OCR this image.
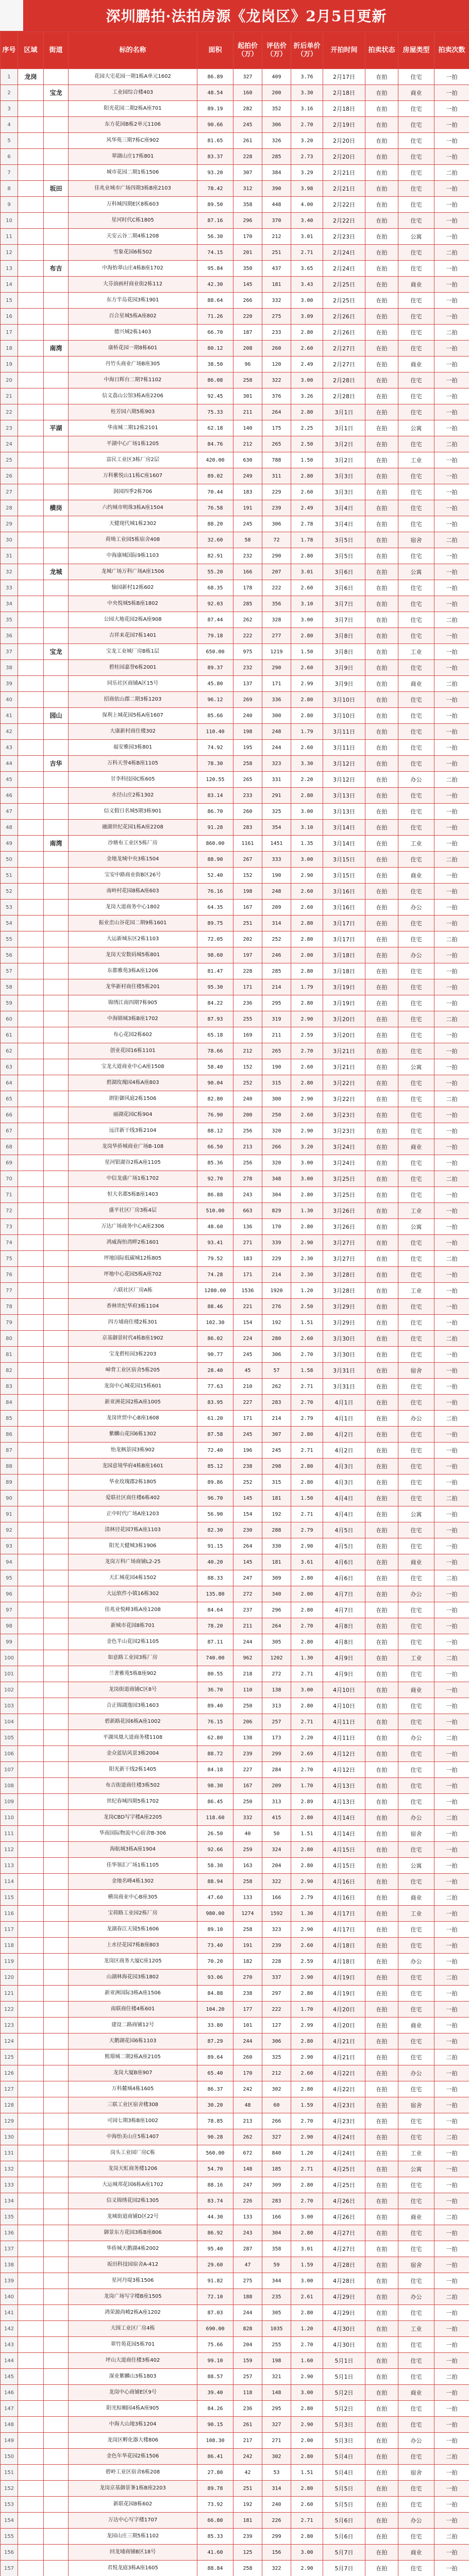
深圳鹏拍·法拍房源《龙岗区》2月5日更新
序号	区域	街道	标的名称	面积	起拍价（万）	评估价（万）	折后单价（万）	开拍时间	拍卖状态	房屋类型	拍卖次数
1	龙岗		花园大宅花园一期1栋A单元1602	86.89	327	409	3.76	2月17日	在拍	住宅	一拍
2		宝龙	工业园综合楼403	48.54	160	200	3.30	2月18日	在拍	商业	一拍
3			阳光花园二期2栋A座701	89.19	282	352	3.16	2月18日	在拍	住宅	一拍
4			东方花园B栋2单元1106	90.66	245	306	2.70	2月19日	在拍	住宅	一拍
5			风华苑三期7栋C座902	81.65	261	326	3.20	2月20日	在拍	住宅	一拍
6			翠湖山庄17栋801	83.37	228	285	2.73	2月20日	在拍	住宅	一拍
7			城市花园二期1栋1506	93.20	307	384	3.29	2月21日	在拍	住宅	二拍
8		坂田	佳兆业城市广场四期3栋B座2103	78.42	312	390	3.98	2月21日	在拍	住宅	一拍
9			万科城四期E区8栋603	89.50	358	448	4.00	2月22日	在拍	住宅	一拍
10			星河时代C栋1805	87.16	296	370	3.40	2月22日	在拍	住宅	一拍
11			天安云谷二期4栋1208	56.30	170	212	3.01	2月23日	在拍	公寓	一拍
12			雪象花园6栋502	74.15	201	251	2.71	2月24日	在拍	住宅	二拍
13		布吉	中海怡翠山庄4栋B座1702	95.84	350	437	3.65	2月24日	在拍	住宅	一拍
14			大芬油画村商业街2栋112	42.30	145	181	3.43	2月25日	在拍	商业	一拍
15			东方半岛花园3栋1901	88.64	266	332	3.00	2月25日	在拍	住宅	一拍
16			百合星城5栋A座802	71.26	220	275	3.09	2月26日	在拍	住宅	一拍
17			德兴城2栋1403	66.70	187	233	2.80	2月26日	在拍	住宅	二拍
18		南湾	康桥花园一期8栋601	80.12	208	260	2.60	2月27日	在拍	住宅	一拍
19			丹竹头商业广场B座305	38.50	96	120	2.49	2月27日	在拍	商业	一拍
20			中海日辉台二期7栋1102	86.08	258	322	3.00	2月28日	在拍	住宅	一拍
21			信义荔山公馆3栋A座2206	92.45	301	376	3.26	2月28日	在拍	住宅	一拍
22			桂芳园六期5栋903	75.33	211	264	2.80	3月1日	在拍	住宅	一拍
23		平湖	华南城二期12栋2101	62.18	140	175	2.25	3月1日	在拍	公寓	一拍
24			平湖中心广场1栋1205	84.76	212	265	2.50	3月2日	在拍	住宅	二拍
25			富民工业区3栋厂房2层	420.00	630	788	1.50	3月2日	在拍	工业	一拍
26			万科紫悦山11栋C座1607	89.02	249	311	2.80	3月3日	在拍	住宅	一拍
27			润园四季2栋706	70.44	183	229	2.60	3月3日	在拍	住宅	一拍
28		横岗	六约城市明珠3栋A座1504	76.58	191	239	2.49	3月4日	在拍	住宅	一拍
29			天健现代城1栋2302	88.20	245	306	2.78	3月4日	在拍	住宅	一拍
30			荷坳工业园5栋宿舍408	32.60	58	72	1.78	3月5日	在拍	宿舍	二拍
31			中海康城国际9栋1103	82.91	232	290	2.80	3月5日	在拍	住宅	一拍
32		龙城	龙城广场万科广场A座1506	55.20	166	207	3.01	3月6日	在拍	公寓	一拍
33			愉园新村12栋602	68.35	178	222	2.60	3月6日	在拍	住宅	一拍
34			中央悦城5栋B座1802	92.03	285	356	3.10	3月7日	在拍	住宅	一拍
35			公园大地花园2栋A座908	87.44	262	328	3.00	3月7日	在拍	住宅	二拍
36			吉祥来花园7栋1401	79.18	222	277	2.80	3月8日	在拍	住宅	一拍
37		宝龙	宝龙工业城厂房B栋1层	650.00	975	1219	1.50	3月8日	在拍	工业	一拍
38			碧桂园嘉誉6栋2001	89.37	232	290	2.60	3月9日	在拍	住宅	一拍
39			同乐社区商铺A区15号	45.80	137	171	2.99	3月9日	在拍	商业	二拍
40			招商依山郡二期3栋1203	96.12	269	336	2.80	3月10日	在拍	住宅	一拍
41		园山	保利上城花园5栋A座1607	85.66	240	300	2.80	3月10日	在拍	住宅	一拍
42			大康新村商住楼302	110.40	198	248	1.79	3月11日	在拍	住宅	一拍
43			福安雅园3栋801	74.92	195	244	2.60	3月11日	在拍	住宅	一拍
44		吉华	万科天誉4栋B座1105	78.30	258	323	3.30	3月12日	在拍	住宅	一拍
45			甘李科技园C栋605	120.55	265	331	2.20	3月12日	在拍	办公	二拍
46			水径山庄2栋1302	83.14	233	291	2.80	3月13日	在拍	住宅	一拍
47			信义假日名城5期3栋901	86.70	260	325	3.00	3月13日	在拍	住宅	一拍
48			融湖世纪花园1栋A座2208	91.28	283	354	3.10	3月14日	在拍	住宅	一拍
49		南湾	沙塘布工业区5栋厂房	860.00	1161	1451	1.35	3月14日	在拍	工业	一拍
50			金地龙城中央3栋1504	88.90	267	333	3.00	3月15日	在拍	住宅	二拍
51			宝安中路商业街B区26号	52.40	152	190	2.90	3月15日	在拍	商业	一拍
52			南岭村花园8栋A座603	76.16	198	248	2.60	3月16日	在拍	住宅	一拍
53			龙岗大道商务中心1802	64.35	167	209	2.60	3月16日	在拍	办公	一拍
54			振业峦山谷花园二期9栋1601	89.75	251	314	2.80	3月17日	在拍	住宅	一拍
55			大运新城东区2栋1103	72.05	202	252	2.80	3月17日	在拍	住宅	二拍
56			龙岗天安数码城5栋801	98.60	197	246	2.00	3月18日	在拍	办公	一拍
57			东都雅苑3栋A座1206	81.47	228	285	2.80	3月18日	在拍	住宅	一拍
58			龙华新村商住楼5栋201	95.30	171	214	1.79	3月19日	在拍	住宅	一拍
59			锦绣江南四期7栋905	84.22	236	295	2.80	3月19日	在拍	住宅	一拍
60			中海锦城3栋B座1702	87.93	255	319	2.90	3月20日	在拍	住宅	二拍
61			布心花园2栋602	65.18	169	211	2.59	3月20日	在拍	住宅	一拍
62			创业花园16栋1101	78.66	212	265	2.70	3月21日	在拍	住宅	一拍
63			宝龙大道商业中心A座1508	58.40	152	190	2.60	3月21日	在拍	公寓	一拍
64			碧湖玫瑰园4栋A座803	90.04	252	315	2.80	3月22日	在拍	住宅	一拍
65			朗钜御风庭2栋1506	82.80	240	300	2.90	3月22日	在拍	住宅	二拍
66			丽湖花园C栋904	76.90	200	250	2.60	3月23日	在拍	住宅	一拍
67			远洋新干线3栋2104	88.12	256	320	2.90	3月23日	在拍	住宅	一拍
68			龙岗华侨城商业广场B-108	66.50	213	266	3.20	3月24日	在拍	商业	一拍
69			星河银湖谷2栋A座1105	85.36	256	320	3.00	3月24日	在拍	住宅	一拍
70			中信龙盛广场1栋1702	92.70	278	348	3.00	3月25日	在拍	住宅	二拍
71			恒大名都5栋B座1403	86.88	243	304	2.80	3月25日	在拍	住宅	一拍
72			盛平社区厂房3栋4层	510.00	663	829	1.30	3月26日	在拍	工业	一拍
73			万达广场商务中心A座2306	48.60	136	170	2.80	3月26日	在拍	公寓	一拍
74			鸿威海怡湾畔2栋1601	93.41	271	339	2.90	3月27日	在拍	住宅	一拍
75			坪地国际低碳城12栋805	79.52	183	229	2.30	3月27日	在拍	住宅	二拍
76			坪地中心花园5栋A座702	74.28	171	214	2.30	3月28日	在拍	住宅	一拍
77			六联社区厂房A栋	1280.00	1536	1920	1.20	3月28日	在拍	工业	一拍
78			香林世纪华府3栋1104	88.46	221	276	2.50	3月29日	在拍	住宅	一拍
79			四方埔商住楼2栋301	102.30	154	192	1.51	3月29日	在拍	住宅	一拍
80			京基御景时代4栋B座1902	86.02	224	280	2.60	3月30日	在拍	住宅	二拍
81			宝龙碧桂园3栋2203	90.77	245	306	2.70	3月30日	在拍	住宅	一拍
82			嶂背工业区宿舍5栋205	28.40	45	57	1.58	3月31日	在拍	宿舍	一拍
83			龙岗中心城花园15栋601	77.63	210	262	2.71	3月31日	在拍	住宅	一拍
84			新亚洲花园2栋A座1005	83.95	227	283	2.70	4月1日	在拍	住宅	一拍
85			龙岗世贸中心B座1608	61.20	171	214	2.79	4月1日	在拍	办公	二拍
86			紫麟山花园6栋1302	87.58	245	307	2.80	4月2日	在拍	住宅	一拍
87			怡龙枫景园3栋902	72.40	196	245	2.71	4月2日	在拍	住宅	一拍
88			龙园意境华府4栋B座1601	85.12	238	298	2.80	4月3日	在拍	住宅	一拍
89			华业玫瑰郡2栋1805	89.86	252	315	2.80	4月3日	在拍	住宅	一拍
90			爱联社区商住楼6栋402	96.70	145	181	1.50	4月4日	在拍	住宅	二拍
91			正中时代广场A座1203	56.90	154	192	2.71	4月4日	在拍	公寓	一拍
92			清林径花园7栋A座1103	82.30	230	288	2.79	4月5日	在拍	住宅	一拍
93			阳光天健城3栋1906	91.15	264	330	2.90	4月5日	在拍	住宅	一拍
94			龙岗万科广场商铺L2-25	40.20	145	181	3.61	4月6日	在拍	商业	一拍
95			天汇城花园4栋1502	88.33	247	309	2.80	4月6日	在拍	住宅	二拍
96			大运软件小镇16栋302	135.80	272	340	2.00	4月7日	在拍	办公	一拍
97			佳兆业悦峰3栋A座1208	84.64	237	296	2.80	4月7日	在拍	住宅	一拍
98			新城市花园8栋701	78.20	211	264	2.70	4月8日	在拍	住宅	一拍
99			金色半山花园2栋1105	87.11	244	305	2.80	4月8日	在拍	住宅	一拍
100			如意路工业园3栋厂房	740.00	962	1202	1.30	4月9日	在拍	工业	二拍
101			兰著雅苑5栋B座902	80.55	218	272	2.71	4月9日	在拍	住宅	一拍
102			龙岗街道商铺C区8号	36.70	110	138	3.00	4月10日	在拍	商业	一拍
103			合正锦湖逸园3栋1603	89.40	250	313	2.80	4月10日	在拍	住宅	一拍
104			碧新路花园6栋A座1002	76.15	206	257	2.71	4月11日	在拍	住宅	一拍
105			平湖凤凰大道商务楼1108	62.80	138	173	2.20	4月11日	在拍	办公	二拍
106			金众蓝钻风景3栋2004	88.72	239	299	2.69	4月12日	在拍	住宅	一拍
107			阳光新干线2栋1405	84.18	227	284	2.70	4月12日	在拍	住宅	一拍
108			布吉街道商住楼3栋502	98.30	167	209	1.70	4月13日	在拍	住宅	一拍
109			世纪春城四期5栋1702	86.45	250	313	2.89	4月13日	在拍	住宅	一拍
110			龙岗CBD写字楼A座2205	118.60	332	415	2.80	4月14日	在拍	办公	二拍
111			华南国际物流中心宿舍B-306	26.50	40	50	1.51	4月14日	在拍	宿舍	一拍
112			海航城3栋A座1904	92.66	259	324	2.80	4月15日	在拍	住宅	一拍
113			佳华领汇广场1栋1105	58.30	163	204	2.80	4月15日	在拍	公寓	一拍
114			金地名峰4栋1302	88.94	258	322	2.90	4月16日	在拍	住宅	一拍
115			横岗商业中心B座305	47.60	133	166	2.79	4月16日	在拍	商业	二拍
116			宝荷路工业园2栋厂房	980.00	1274	1592	1.30	4月17日	在拍	工业	一拍
117			龙湖春江天镜5栋1606	89.10	258	323	2.90	4月17日	在拍	住宅	一拍
118			上水径花园7栋B座803	73.40	191	239	2.60	4月18日	在拍	住宅	一拍
119			龙岗区商务大厦C座1205	70.20	182	228	2.59	4月18日	在拍	办公	一拍
120			山湖林海花园3栋1802	93.06	270	337	2.90	4月19日	在拍	住宅	二拍
121			新亚洲国际3栋A座1506	84.88	238	297	2.80	4月19日	在拍	住宅	一拍
122			南联商住楼4栋601	104.20	177	222	1.70	4月20日	在拍	住宅	一拍
123			建设二路商铺12号	33.80	101	127	2.99	4月20日	在拍	商业	一拍
124			天鹅湖花园6栋1103	87.29	244	306	2.80	4月21日	在拍	住宅	一拍
125			熙璟城二期2栋A座2105	89.64	260	325	2.90	4月21日	在拍	住宅	二拍
126			龙岗大厦B座907	65.40	170	212	2.60	4月22日	在拍	办公	一拍
127			万科麓城4栋1605	86.37	242	302	2.80	4月22日	在拍	住宅	一拍
128			三联工业区宿舍楼308	30.20	48	60	1.59	4月23日	在拍	宿舍	一拍
129			可园七期3栋B座1002	78.85	213	266	2.70	4月23日	在拍	住宅	一拍
130			中海怡美山庄5栋1407	90.28	262	327	2.90	4月24日	在拍	住宅	二拍
131			岗头工业园厂房C栋	560.00	672	840	1.20	4月24日	在拍	工业	一拍
132			龙岗天虹商务楼1206	54.70	148	185	2.71	4月25日	在拍	公寓	一拍
133			大运城邦花园6栋A座1702	88.16	247	309	2.80	4月25日	在拍	住宅	一拍
134			信义锦绣花园2栋1305	83.74	226	283	2.70	4月26日	在拍	住宅	一拍
135			龙城街道商铺D区22号	44.30	133	166	3.00	4月26日	在拍	商业	二拍
136			御景东方花园3栋B座806	86.92	243	304	2.80	4月27日	在拍	住宅	一拍
137			华侨城天鹅湖4栋2002	95.40	287	358	3.01	4月27日	在拍	住宅	一拍
138			坂田科技园宿舍A-412	29.60	47	59	1.59	4月28日	在拍	宿舍	一拍
139			星河丹堤3栋1506	91.82	275	344	3.00	4月28日	在拍	住宅	一拍
140			龙岗广场写字楼B座1505	72.10	188	235	2.61	4月29日	在拍	办公	二拍
141			鸿荣源尚峻2栋A座1202	87.03	244	305	2.80	4月29日	在拍	住宅	一拍
142			大围工业区厂房4栋	690.00	828	1035	1.20	4月30日	在拍	工业	一拍
143			翠竹苑花园5栋701	75.66	204	255	2.70	4月30日	在拍	住宅	一拍
144			坪山大道商住楼3栋402	99.10	159	198	1.60	5月1日	在拍	住宅	一拍
145			深业紫麟山3栋1803	88.57	257	321	2.90	5月1日	在拍	住宅	二拍
146			龙岗中心商铺E区9号	39.40	118	148	3.00	5月2日	在拍	商业	一拍
147			阳光棕榈园4栋A座905	84.26	236	295	2.80	5月2日	在拍	住宅	一拍
148			中海大山地3栋1204	90.15	261	327	2.90	5月3日	在拍	住宅	一拍
149			龙岗区孵化器大楼806	108.30	217	271	2.00	5月3日	在拍	办公	一拍
150			金色年华花园2栋1506	86.41	242	302	2.80	5月4日	在拍	住宅	二拍
151			碧岭工业区宿舍6栋208	27.80	42	53	1.51	5月4日	在拍	宿舍	一拍
152			龙岗京基御景峯1栋B座2203	89.78	251	314	2.80	5月5日	在拍	住宅	一拍
153			新联花园8栋602	73.92	192	240	2.60	5月5日	在拍	住宅	一拍
154			万达中心写字楼1707	66.80	181	226	2.71	5月6日	在拍	办公	一拍
155			龙园山庄三期5栋1102	85.33	239	299	2.80	5月6日	在拍	住宅	二拍
156			回龙埔商铺B区18号	41.60	125	156	3.00	5月7日	在拍	商业	一拍
157			君悦龙庭3栋A座1605	88.84	258	322	2.90	5月7日	在拍	住宅	一拍
